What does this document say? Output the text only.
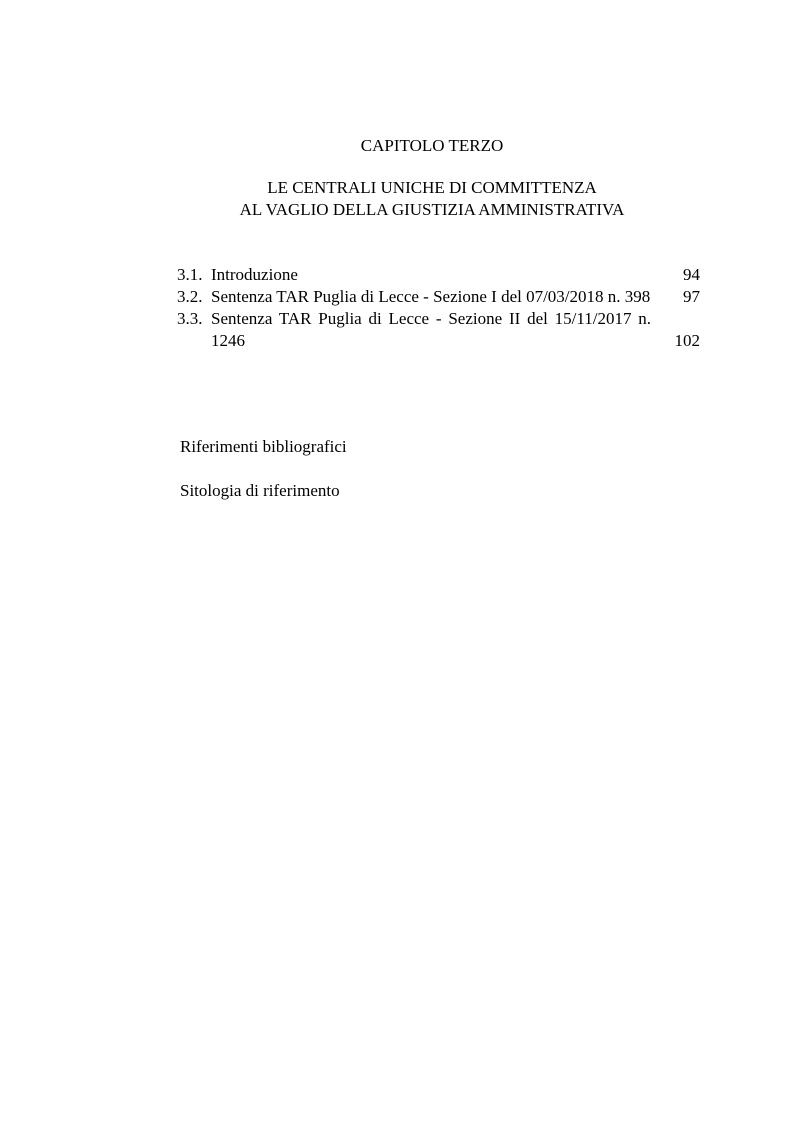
CAPITOLO TERZO
LE CENTRALI UNICHE DI COMMITTENZA
AL VAGLIO DELLA GIUSTIZIA AMMINISTRATIVA
3.1. Introduzione	94
3.2. Sentenza TAR Puglia di Lecce - Sezione I del 07/03/2018 n. 398 97
3.3. Sentenza TAR Puglia di Lecce - Sezione II del 15/11/2017 n. 1246	102
Riferimenti bibliografici
Sitologia di riferimento
